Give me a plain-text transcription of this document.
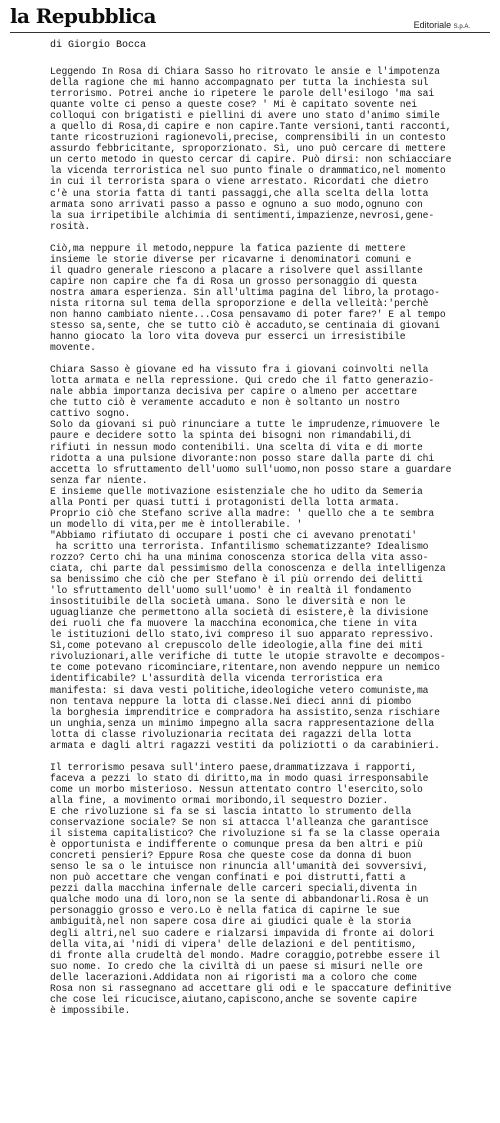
la Repubblica	Editoriale S.p.A.
di Giorgio Bocca
Leggendo In Rosa di Chiara Sasso ho ritrovato le ansie e l'impotenza
della ragione che mi hanno accompagnato per tutta la inchiesta sul
terrorismo. Potrei anche io ripetere le parole dell'esilogo 'ma sai
quante volte ci penso a queste cose? ' Mi è capitato sovente nei
colloqui con brigatisti e piellini di avere uno stato d'animo simile
a quello di Rosa,di capire e non capire.Tante versioni,tanti racconti,
tante ricostruzioni ragionevoli,precise, comprensibili in un contesto
assurdo febbricitante, sproporzionato. Sì, uno può cercare di mettere
un certo metodo in questo cercar di capire. Può dirsi: non schiacciare
la vicenda terroristica nel suo punto finale o drammatico,nel momento
in cui il terrorista spara o viene arrestato. Ricordati che dietro
c'è una storia fatta di tanti passaggi,che alla scelta della lotta
armata sono arrivati passo a passo e ognuno a suo modo,ognuno con
la sua irripetibile alchimia di sentimenti,impazienze,nevrosi,gene-
rosità.
Ciò,ma neppure il metodo,neppure la fatica paziente di mettere
insieme le storie diverse per ricavarne i denominatori comuni e
il quadro generale riescono a placare a risolvere quel assillante
capire non capire che fa di Rosa un grosso personaggio di questa
nostra amara esperienza. Sin all'ultima pagina del libro,la protago-
nista ritorna sul tema della sproporzione e della velleità:'perchè
non hanno cambiato niente...Cosa pensavamo di poter fare?' E al tempo
stesso sa,sente, che se tutto ciò è accaduto,se centinaia di giovani
hanno giocato la loro vita doveva pur esserci un irresistibile
movente.
Chiara Sasso è giovane ed ha vissuto fra i giovani coinvolti nella
lotta armata e nella repressione. Qui credo che il fatto generazio-
nale abbia importanza decisiva per capire o almeno per accettare
che tutto ciò è veramente accaduto e non è soltanto un nostro
cattivo sogno.
Solo da giovani si può rinunciare a tutte le imprudenze,rimuovere le
paure e decidere sotto la spinta dei bisogni non rimandabili,di
rifiuti in nessun modo contenibili. Una scelta di vita e di morte
ridotta a una pulsione divorante:non posso stare dalla parte di chi
accetta lo sfruttamento dell'uomo sull'uomo,non posso stare a guardare
senza far niente.
E insieme quelle motivazione esistenziale che ho udito da Semeria
alla Ponti per quasi tutti i protagonisti della lotta armata.
Proprio ciò che Stefano scrive alla madre: ' quello che a te sembra
un modello di vita,per me è intollerabile. '
"Abbiamo rifiutato di occupare i posti che ci avevano prenotati'
ha scritto una terrorista. Infantilismo schematizzante? Idealismo
rozzo? Certo chi ha una minima conoscenza storica della vita asso-
ciata, chi parte dal pessimismo della conoscenza e della intelligenza
sa benissimo che ciò che per Stefano è il più orrendo dei delitti
'lo sfruttamento dell'uomo sull'uomo' è in realtà il fondamento
insostituibile della società umana. Sono le diversità e non le
uguaglianze che permettono alla società di esistere,è la divisione
dei ruoli che fa muovere la macchina economica,che tiene in vita
le istituzioni dello stato,ivi compreso il suo apparato repressivo.
Sì,come potevano al crepuscolo delle ideologie,alla fine dei miti
rivoluzionari,alle verifiche di tutte le utopie stravolte e decompos-
te come potevano ricominciare,ritentare,non avendo neppure un nemico
identificabile? L'assurdità della vicenda terroristica era
manifesta: si dava vesti politiche,ideologiche vetero comuniste,ma
non tentava neppure la lotta di classe.Nei dieci anni di piombo
la borghesia imprenditrice e compradora ha assistito,senza rischiare
un unghia,senza un minimo impegno alla sacra rappresentazione della
lotta di classe rivoluzionaria recitata dei ragazzi della lotta
armata e dagli altri ragazzi vestiti da poliziotti o da carabinieri.
Il terrorismo pesava sull'intero paese,drammatizzava i rapporti,
faceva a pezzi lo stato di diritto,ma in modo quasi irresponsabile
come un morbo misterioso. Nessun attentato contro l'esercito,solo
alla fine, a movimento ormai moribondo,il sequestro Dozier.
E che rivoluzione si fa se si lascia intatto lo strumento della
conservazione sociale? Se non si attacca l'alleanza che garantisce
il sistema capitalistico? Che rivoluzione si fa se la classe operaia
è opportunista e indifferente o comunque presa da ben altri e più
concreti pensieri? Eppure Rosa che queste cose da donna di buon
senso le sa o le intuisce non rinuncia all'umanità dei sovversivi,
non può accettare che vengan confinati e poi distrutti,fatti a
pezzi dalla macchina infernale delle carceri speciali,diventa in
qualche modo una di loro,non se la sente di abbandonarli.Rosa è un
personaggio grosso e vero.Lo è nella fatica di capirne le sue
ambiguità,nel non sapere cosa dire ai giudici quale è la storia
degli altri,nel suo cadere e rialzarsi impavida di fronte ai dolori
della vita,ai 'nidi di vipera' delle delazioni e del pentitismo,
di fronte alla crudeltà del mondo. Madre coraggio,potrebbe essere il
suo nome. Io credo che la civiltà di un paese si misuri nelle ore
delle lacerazioni.Addidata non ai rigoristi ma a coloro che come
Rosa non si rassegnano ad accettare gli odi e le spaccature definitive
che cose lei ricucisce,aiutano,capiscono,anche se sovente capire
è impossibile.
